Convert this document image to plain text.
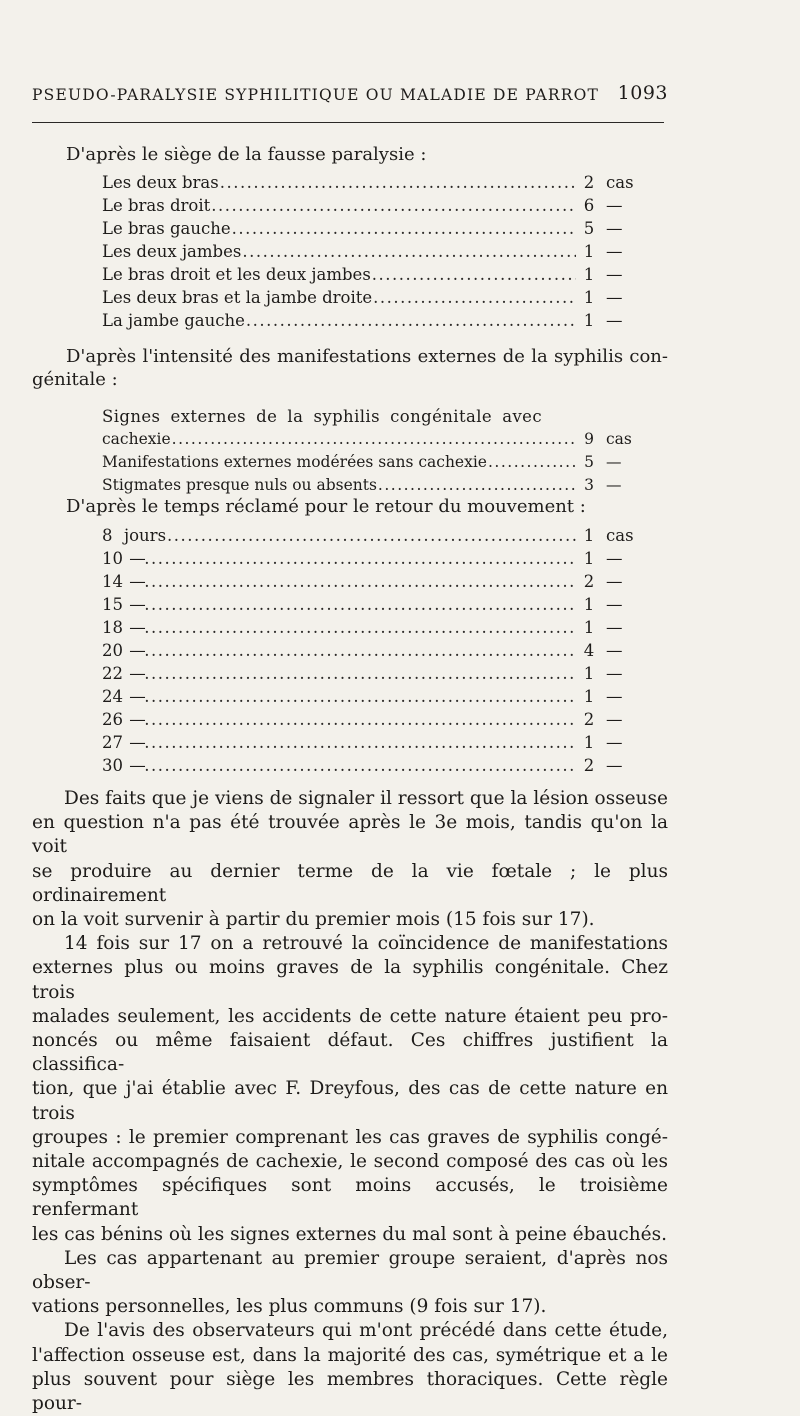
PSEUDO-PARALYSIE SYPHILITIQUE OU MALADIE DE PARROT 1093

D'après le siège de la fausse paralysie :

Les deux bras .....	2 cas
Le bras droit .....	6 —
Le bras gauche .....	5 —
Les deux jambes .....	1 —
Le bras droit et les deux jambes .....	1 —
Les deux bras et la jambe droite .....	1 —
La jambe gauche .....	1 —

D'après l'intensité des manifestations externes de la syphilis con-

génitale :

Signes externes de la syphilis congénitale avec
cachexie .....	9 cas
Manifestations externes modérées sans cachexie .....	5 —
Stigmates presque nuls ou absents .....	3 —

D'après le temps réclamé pour le retour du mouvement :

8 jours .....	1 cas
10 — .....	1 —
14 — .....	2 —
15 — .....	1 —
18 — .....	1 —
20 — .....	4 —
22 — .....	1 —
24 — .....	1 —
26 — .....	2 —
27 — .....	1 —
30 — .....	2 —

Des faits que je viens de signaler il ressort que la lésion osseuse
en question n'a pas été trouvée après le 3e mois, tandis qu'on la voit
se produire au dernier terme de la vie fœtale ; le plus ordinairement
on la voit survenir à partir du premier mois (15 fois sur 17).

14 fois sur 17 on a retrouvé la coïncidence de manifestations
externes plus ou moins graves de la syphilis congénitale. Chez trois
malades seulement, les accidents de cette nature étaient peu pro-
noncés ou même faisaient défaut. Ces chiffres justifient la classifica-
tion, que j'ai établie avec F. Dreyfous, des cas de cette nature en trois
groupes : le premier comprenant les cas graves de syphilis congé-
nitale accompagnés de cachexie, le second composé des cas où les
symptômes spécifiques sont moins accusés, le troisième renfermant
les cas bénins où les signes externes du mal sont à peine ébauchés.

Les cas appartenant au premier groupe seraient, d'après nos obser-
vations personnelles, les plus communs (9 fois sur 17).

De l'avis des observateurs qui m'ont précédé dans cette étude,
l'affection osseuse est, dans la majorité des cas, symétrique et a le
plus souvent pour siège les membres thoraciques. Cette règle pour-
